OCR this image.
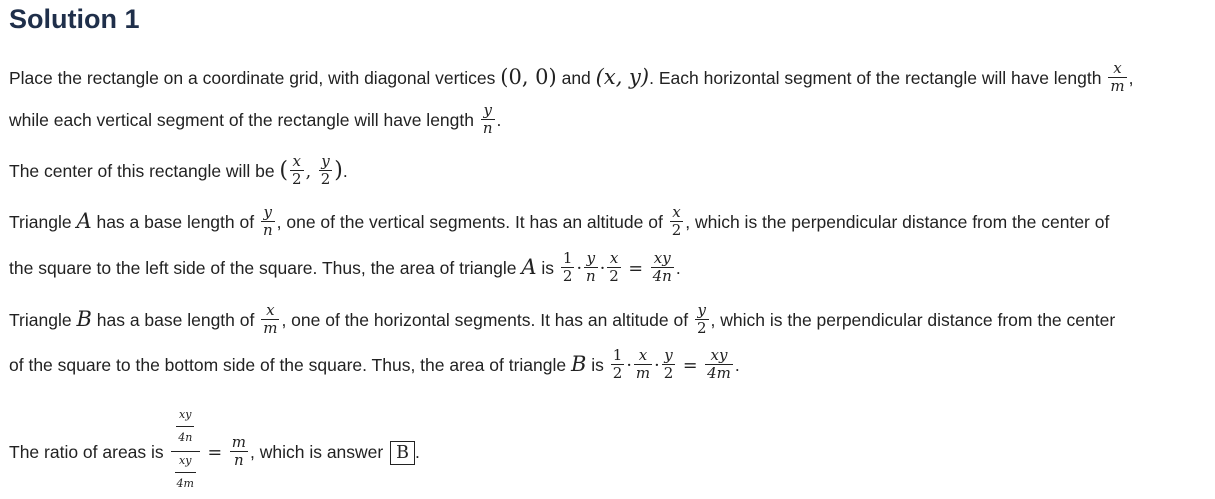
Solution 1
Place the rectangle on a coordinate grid, with diagonal vertices (0, 0) and (x, y). Each horizontal segment of the rectangle will have length $\frac{x}{m}$ ,
while each vertical segment of the rectangle will have length $\frac{y}{n}$ .
The center of this rectangle will be ( $\frac{x}{2}$ , $\frac{y}{2}$ ).
Triangle A has a base length of $\frac{y}{n}$ , one of the vertical segments. It has an altitude of $\frac{x}{2}$ , which is the perpendicular distance from the center of
the square to the left side of the square. Thus, the area of triangle A is $\frac{1}{2} \cdot \frac{y}{n} \cdot \frac{x}{2} = \frac{xy}{4n}$ .
Triangle B has a base length of $\frac{x}{m}$ , one of the horizontal segments. It has an altitude of $\frac{y}{2}$ , which is the perpendicular distance from the center
of the square to the bottom side of the square. Thus, the area of triangle B is $\frac{1}{2} \cdot \frac{x}{m} \cdot \frac{y}{2} = \frac{xy}{4m}$ .
The ratio of areas is $\frac{\frac{xy}{4n}}{\frac{xy}{4m}} = \frac{m}{n}$ , which is answer B .
